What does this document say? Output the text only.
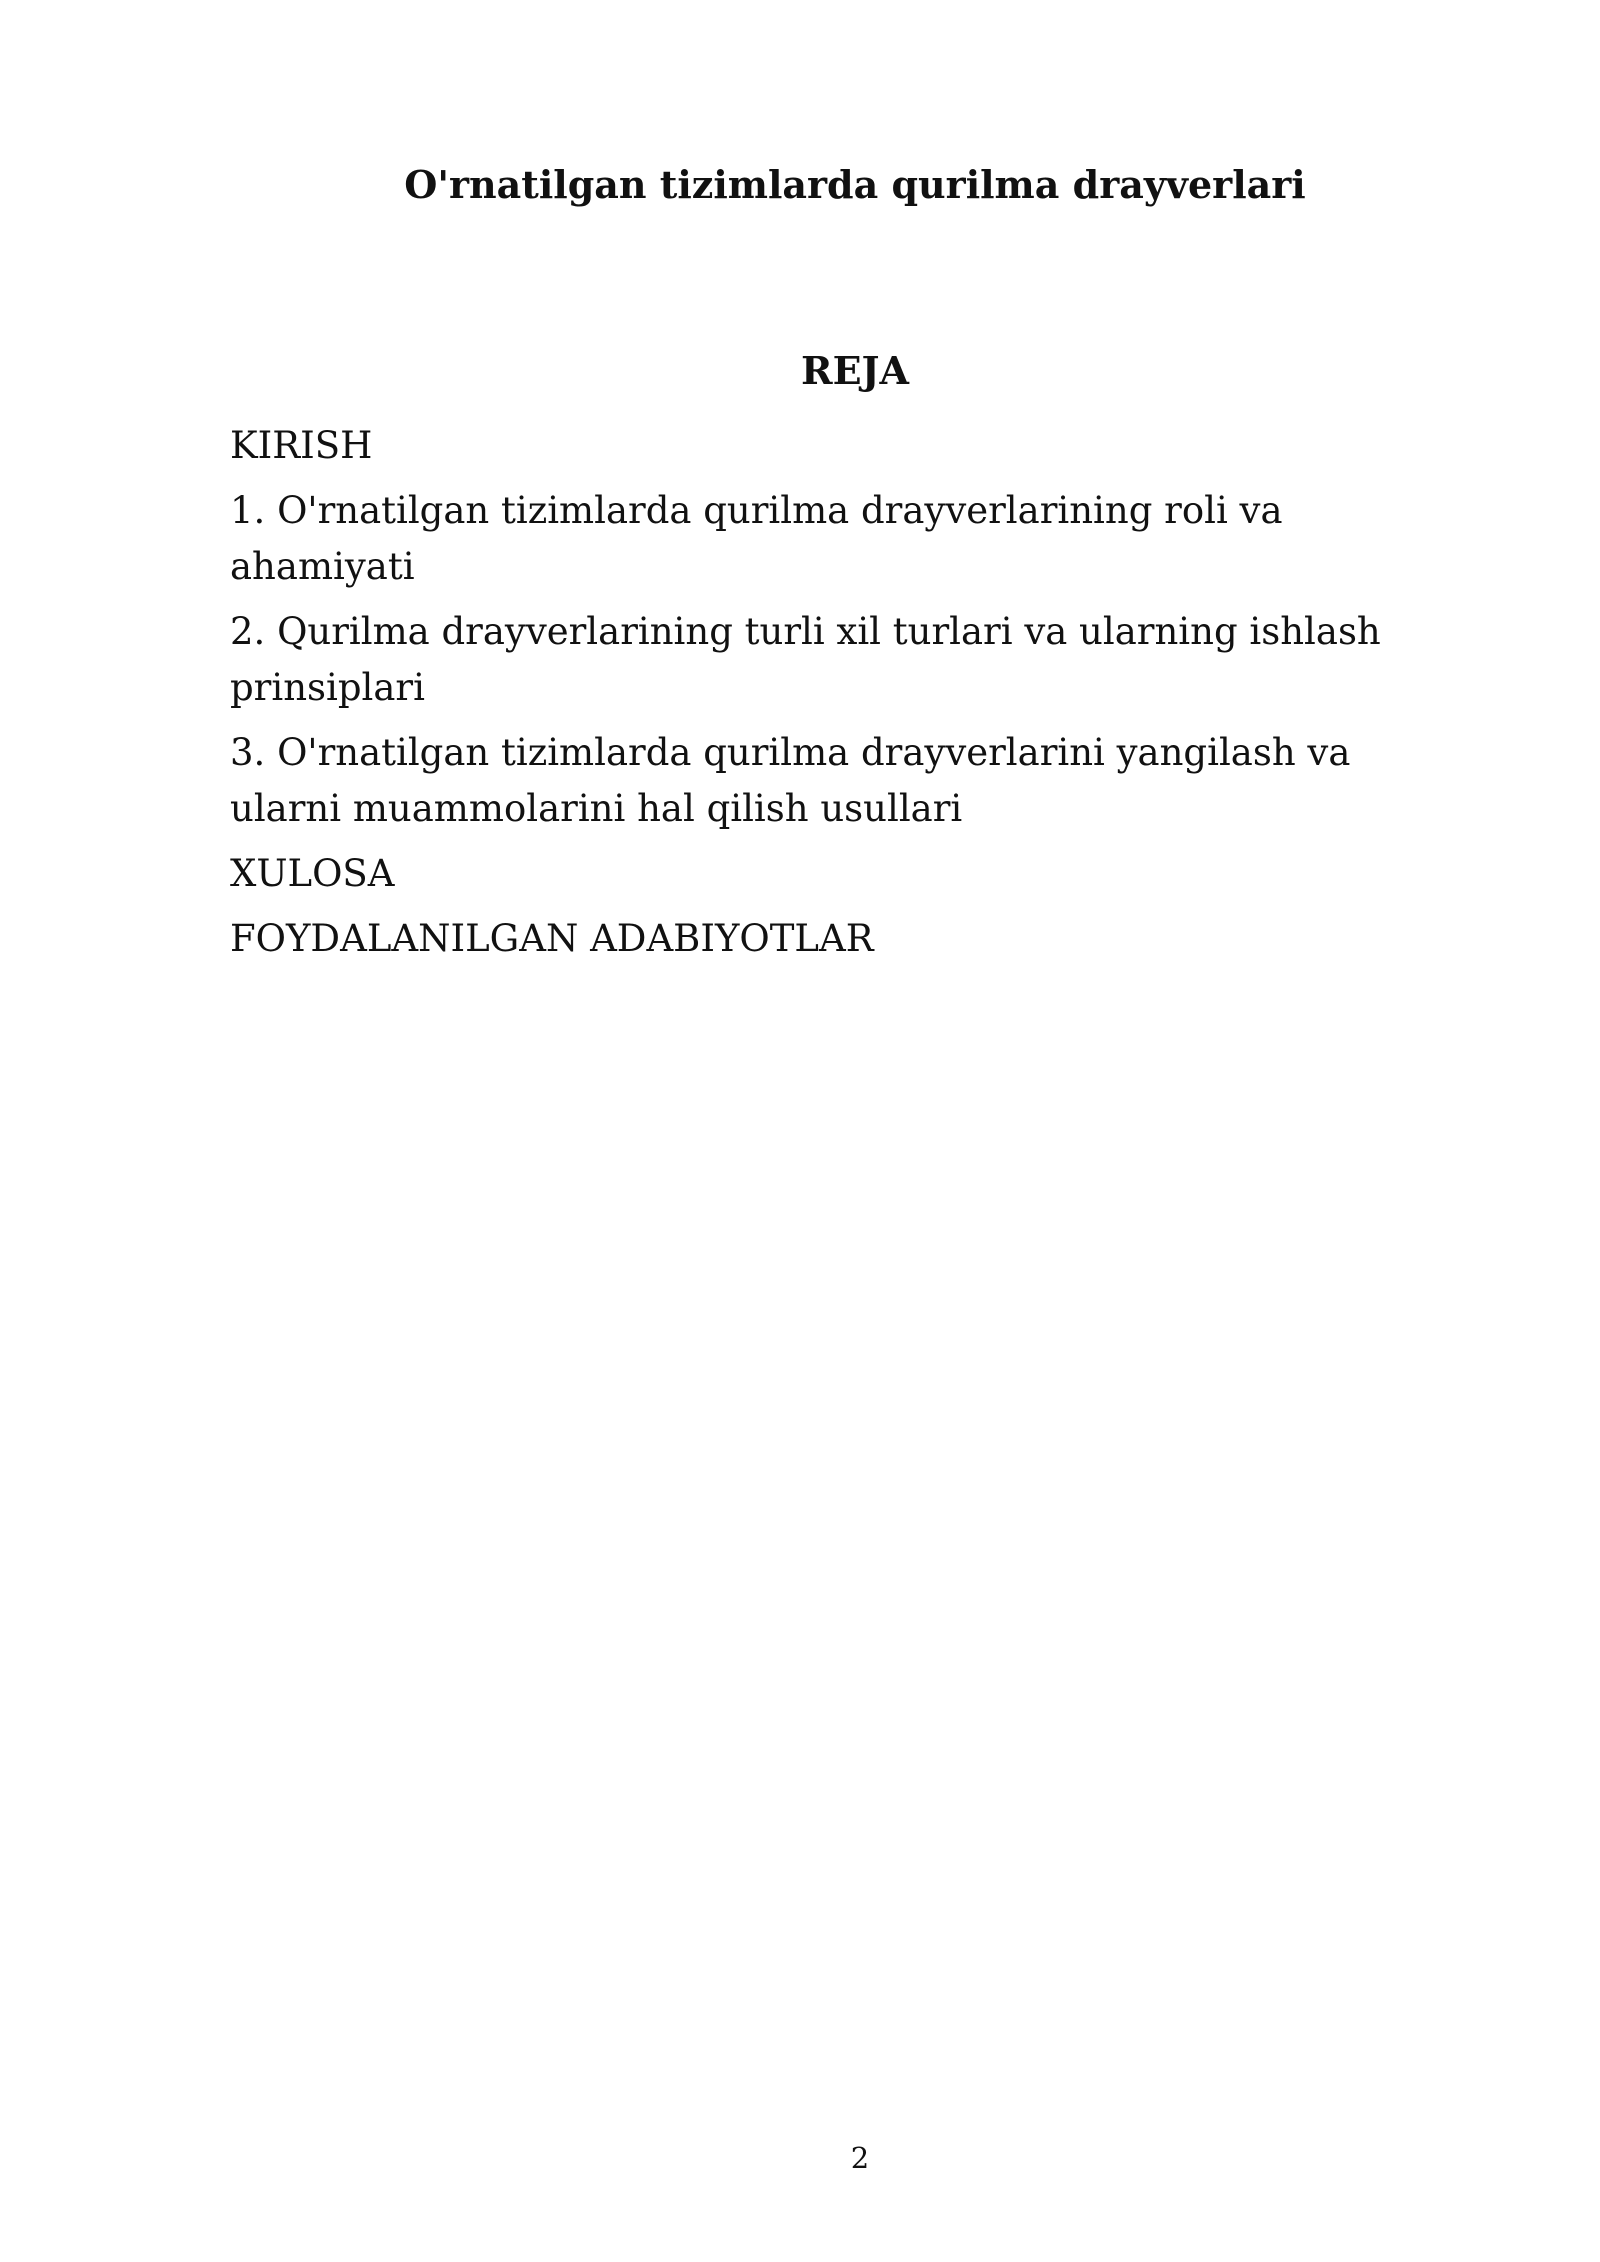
O'rnatilgan tizimlarda qurilma drayverlari
REJA
KIRISH
1. O'rnatilgan tizimlarda qurilma drayverlarining roli va ahamiyati
2. Qurilma drayverlarining turli xil turlari va ularning ishlash prinsiplari
3. O'rnatilgan tizimlarda qurilma drayverlarini yangilash va ularni muammolarini hal qilish usullari
XULOSA
FOYDALANILGAN ADABIYOTLAR
2
